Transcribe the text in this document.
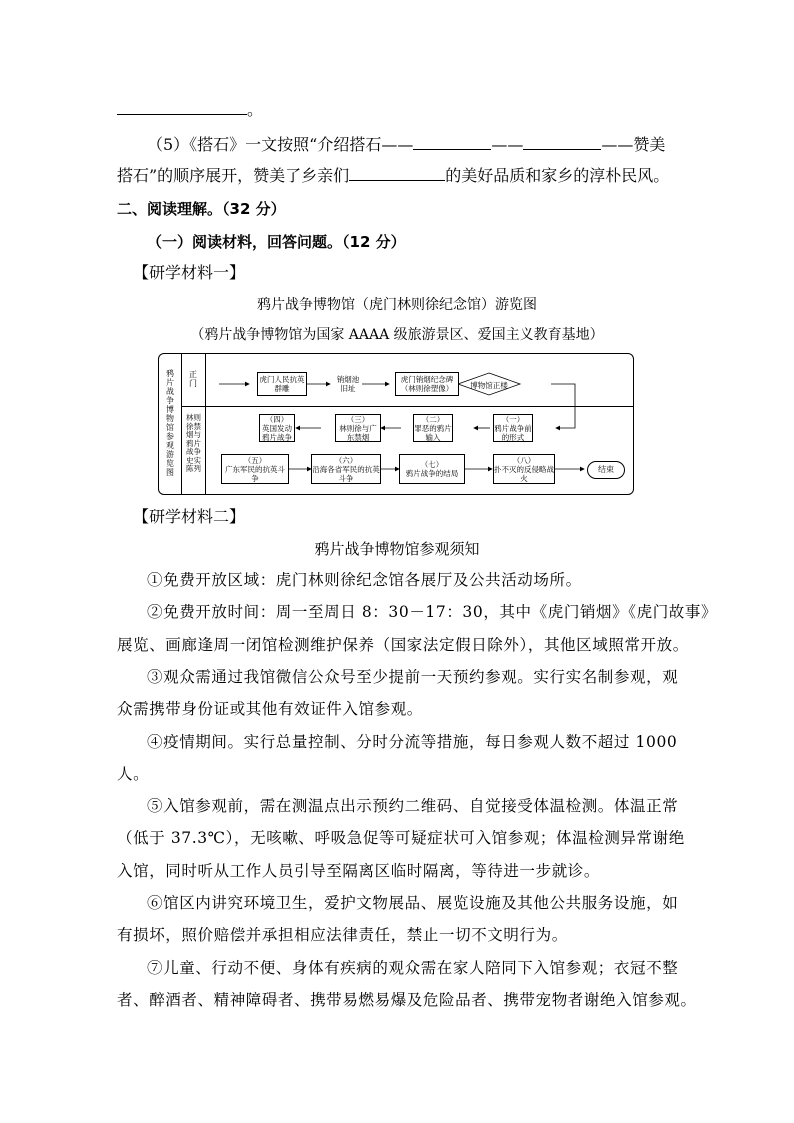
。
（5）《搭石》一文按照“介绍搭石——	——	——赞美
搭石”的顺序展开，赞美了乡亲们	的美好品质和家乡的淳朴民风。
二、阅读理解。（32 分）
（一）阅读材料，回答问题。（12 分）
【研学材料一】
鸦片战争博物馆（虎门林则徐纪念馆）游览图
（鸦片战争博物馆为国家 AAAA 级旅游景区、爱国主义教育基地）
鸦片战争博物馆参观游览图
正门
林则徐禁烟与鸦片战争史实陈列
虎门人民抗英群雕
销烟池旧址
虎门销烟纪念碑（林则徐塑像）	博物馆正楼
（四）
英国发动鸦片战争
（三）
林则徐与广东禁烟
（二）
罪恶的鸦片输入
（一）
鸦片战争前的形式
（五）
广东军民的抗英斗争
（六）
沿海各省军民的抗英斗争
（七）
鸦片战争的结局
（八）
扑不灭的反侵略战火
结束
【研学材料二】
鸦片战争博物馆参观须知
①免费开放区域：虎门林则徐纪念馆各展厅及公共活动场所。
②免费开放时间：周一至周日 8：30－17：30，其中《虎门销烟》《虎门故事》
展览、画廊逢周一闭馆检测维护保养（国家法定假日除外），其他区域照常开放。
③观众需通过我馆微信公众号至少提前一天预约参观。实行实名制参观，观
众需携带身份证或其他有效证件入馆参观。
④疫情期间。实行总量控制、分时分流等措施，每日参观人数不超过 1000
人。
⑤入馆参观前，需在测温点出示预约二维码、自觉接受体温检测。体温正常
（低于 37.3℃），无咳嗽、呼吸急促等可疑症状可入馆参观；体温检测异常谢绝
入馆，同时听从工作人员引导至隔离区临时隔离，等待进一步就诊。
⑥馆区内讲究环境卫生，爱护文物展品、展览设施及其他公共服务设施，如
有损坏，照价赔偿并承担相应法律责任，禁止一切不文明行为。
⑦儿童、行动不便、身体有疾病的观众需在家人陪同下入馆参观；衣冠不整
者、醉酒者、精神障碍者、携带易燃易爆及危险品者、携带宠物者谢绝入馆参观。
